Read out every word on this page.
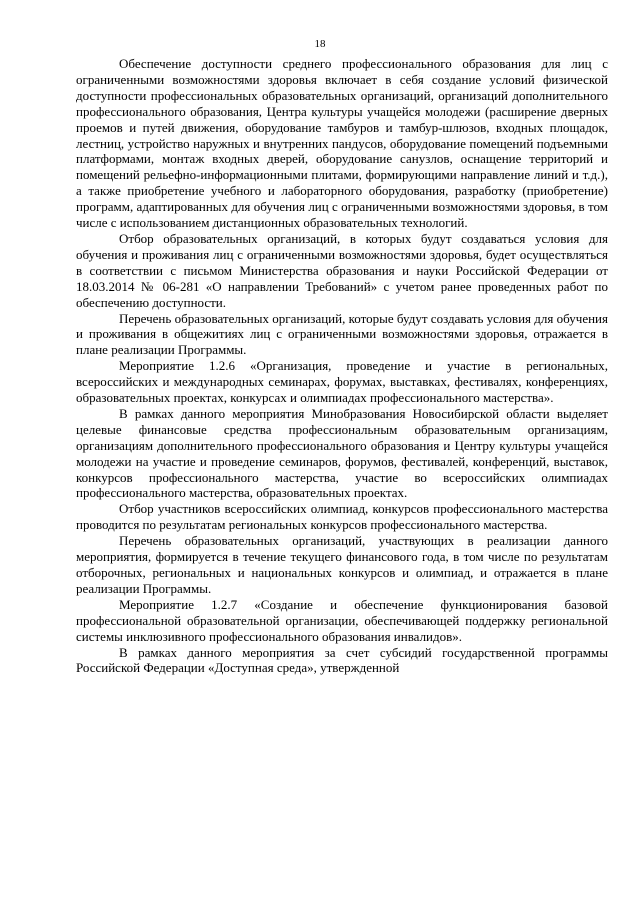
18

Обеспечение доступности среднего профессионального образования для лиц с ограниченными возможностями здоровья включает в себя создание условий физической доступности профессиональных образовательных организаций, организаций дополнительного профессионального образования, Центра культуры учащейся молодежи (расширение дверных проемов и путей движения, оборудование тамбуров и тамбур-шлюзов, входных площадок, лестниц, устройство наружных и внутренних пандусов, оборудование помещений подъемными платформами, монтаж входных дверей, оборудование санузлов, оснащение территорий и помещений рельефно-информационными плитами, формирующими направление линий и т.д.), а также приобретение учебного и лабораторного оборудования, разработку (приобретение) программ, адаптированных для обучения лиц с ограниченными возможностями здоровья, в том числе с использованием дистанционных образовательных технологий.

Отбор образовательных организаций, в которых будут создаваться условия для обучения и проживания лиц с ограниченными возможностями здоровья, будет осуществляться в соответствии с письмом Министерства образования и науки Российской Федерации от 18.03.2014 № 06-281 «О направлении Требований» с учетом ранее проведенных работ по обеспечению доступности.

Перечень образовательных организаций, которые будут создавать условия для обучения и проживания в общежитиях лиц с ограниченными возможностями здоровья, отражается в плане реализации Программы.

Мероприятие 1.2.6 «Организация, проведение и участие в региональных, всероссийских и международных семинарах, форумах, выставках, фестивалях, конференциях, образовательных проектах, конкурсах и олимпиадах профессионального мастерства».

В рамках данного мероприятия Минобразования Новосибирской области выделяет целевые финансовые средства профессиональным образовательным организациям, организациям дополнительного профессионального образования и Центру культуры учащейся молодежи на участие и проведение семинаров, форумов, фестивалей, конференций, выставок, конкурсов профессионального мастерства, участие во всероссийских олимпиадах профессионального мастерства, образовательных проектах.

Отбор участников всероссийских олимпиад, конкурсов профессионального мастерства проводится по результатам региональных конкурсов профессионального мастерства.

Перечень образовательных организаций, участвующих в реализации данного мероприятия, формируется в течение текущего финансового года, в том числе по результатам отборочных, региональных и национальных конкурсов и олимпиад, и отражается в плане реализации Программы.

Мероприятие 1.2.7 «Создание и обеспечение функционирования базовой профессиональной образовательной организации, обеспечивающей поддержку региональной системы инклюзивного профессионального образования инвалидов».

В рамках данного мероприятия за счет субсидий государственной программы Российской Федерации «Доступная среда», утвержденной
